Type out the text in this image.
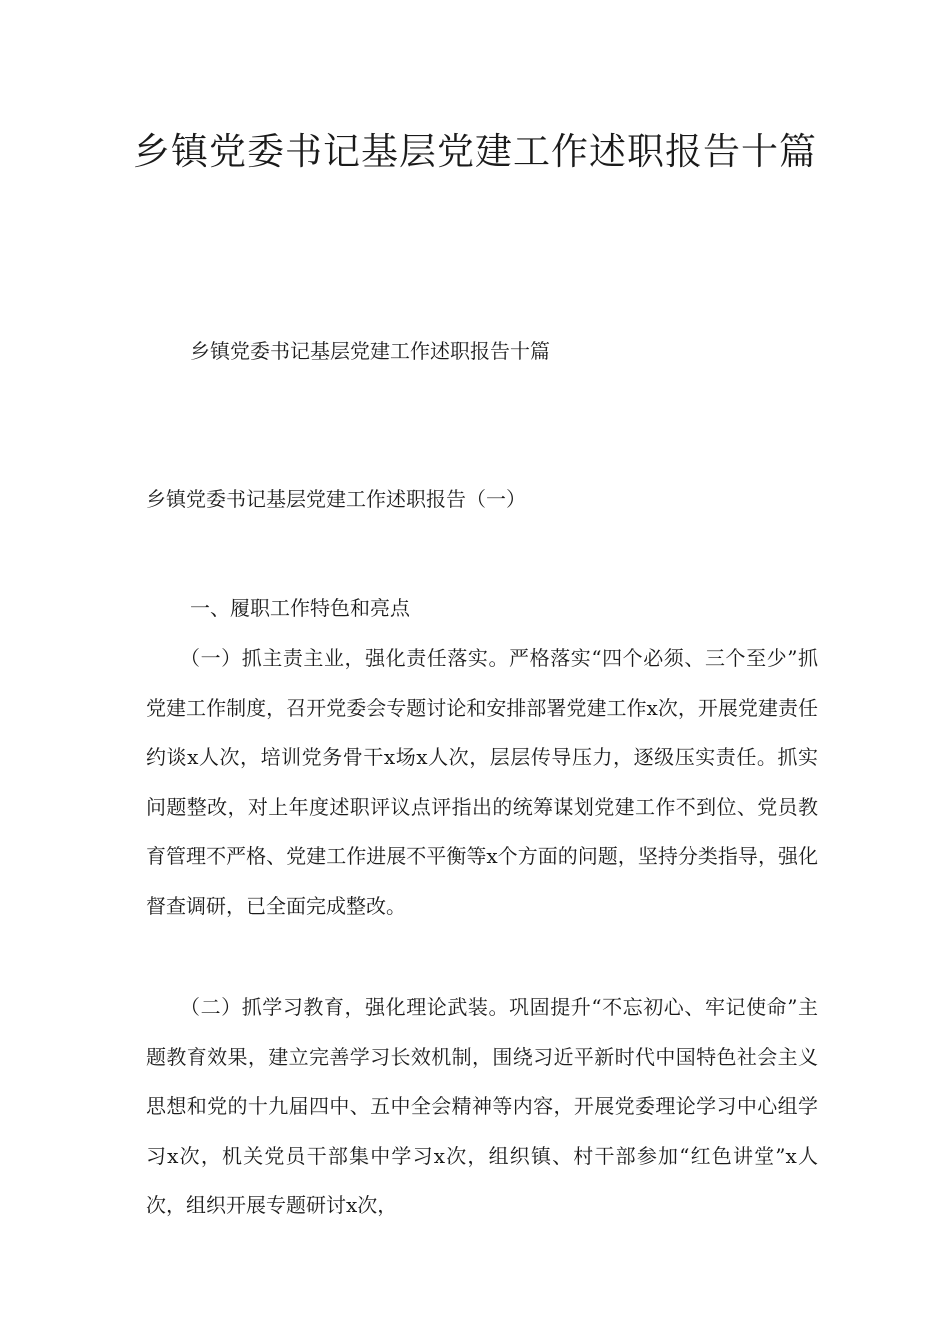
乡镇党委书记基层党建工作述职报告十篇

乡镇党委书记基层党建工作述职报告十篇

乡镇党委书记基层党建工作述职报告（一）

一、履职工作特色和亮点

（一）抓主责主业，强化责任落实。严格落实“四个必须、三个至少”抓党建工作制度，召开党委会专题讨论和安排部署党建工作x次，开展党建责任约谈x人次，培训党务骨干x场x人次，层层传导压力，逐级压实责任。抓实问题整改，对上年度述职评议点评指出的统筹谋划党建工作不到位、党员教育管理不严格、党建工作进展不平衡等x个方面的问题，坚持分类指导，强化督查调研，已全面完成整改。

（二）抓学习教育，强化理论武装。巩固提升“不忘初心、牢记使命”主题教育效果，建立完善学习长效机制，围绕习近平新时代中国特色社会主义思想和党的十九届四中、五中全会精神等内容，开展党委理论学习中心组学习x次，机关党员干部集中学习x次，组织镇、村干部参加“红色讲堂”x人次，组织开展专题研讨x次，
